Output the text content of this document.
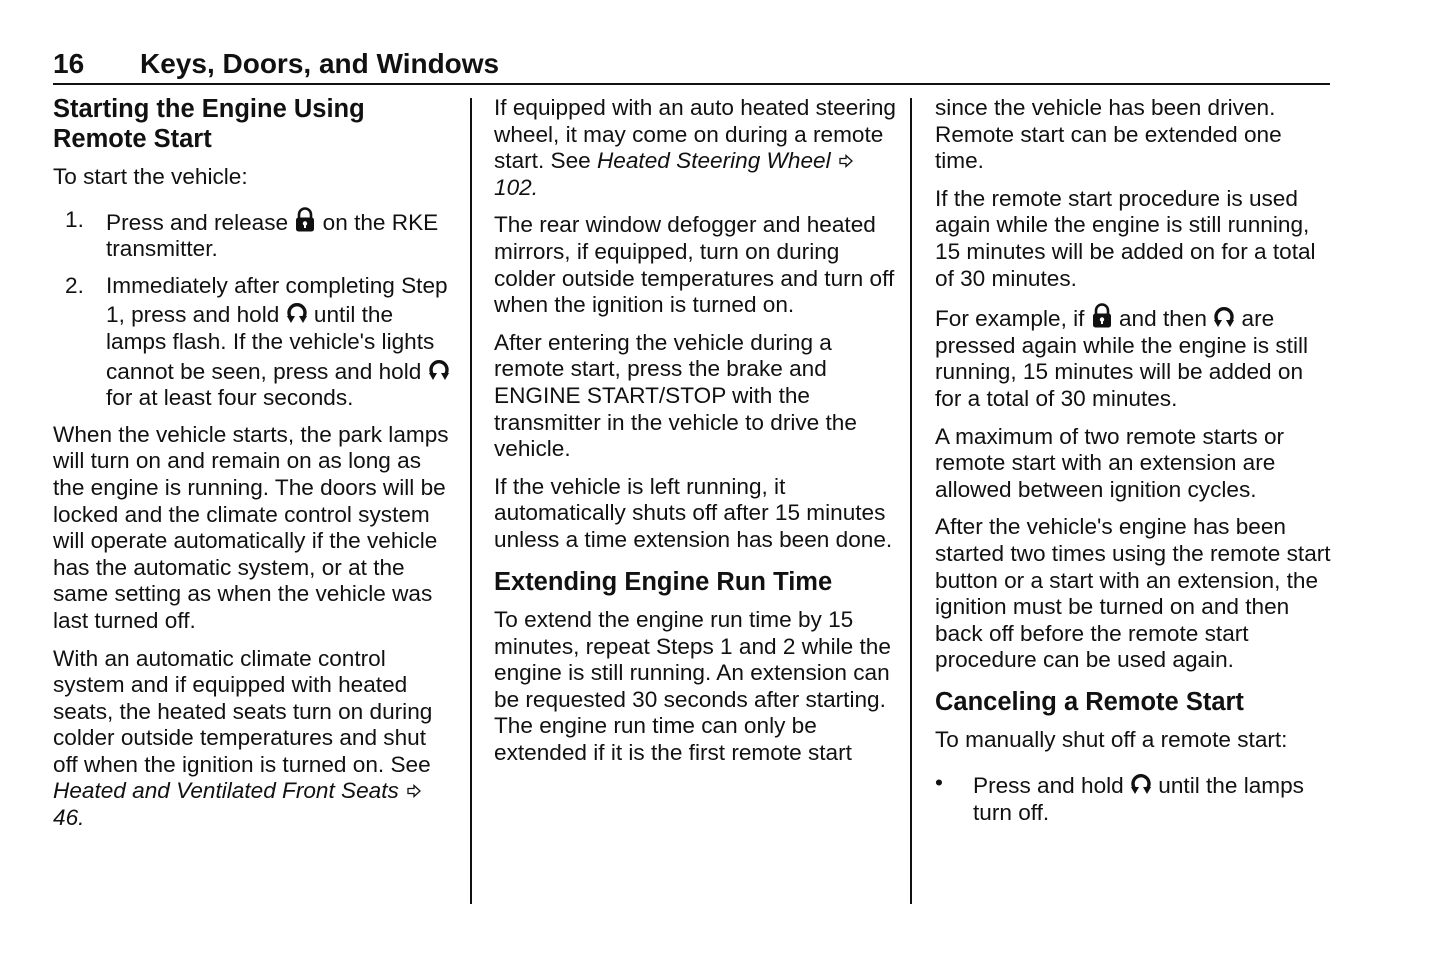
16 Keys, Doors, and Windows
Starting the Engine Using Remote Start

To start the vehicle:

1. Press and release on the RKE transmitter.
2. Immediately after completing Step 1, press and hold until the lamps flash. If the vehicle's lights cannot be seen, press and hold
for at least four seconds.

When the vehicle starts, the park lamps will turn on and remain on as long as the engine is running. The doors will be locked and the climate control system will operate automatically if the vehicle has the automatic system, or at the same setting as when the vehicle was last turned off.

With an automatic climate control system and if equipped with heated seats, the heated seats turn on during colder outside temperatures and shut off when the ignition is turned on. See Heated and Ventilated Front Seats
46.

If equipped with an auto heated steering wheel, it may come on during a remote start. See Heated Steering Wheel
102.

The rear window defogger and heated mirrors, if equipped, turn on during colder outside temperatures and turn off when the ignition is turned on.

After entering the vehicle during a remote start, press the brake and ENGINE START/STOP with the transmitter in the vehicle to drive the vehicle.

If the vehicle is left running, it automatically shuts off after 15 minutes unless a time extension has been done.

Extending Engine Run Time

To extend the engine run time by 15 minutes, repeat Steps 1 and 2 while the engine is still running. An extension can be requested 30 seconds after starting. The engine run time can only be extended if it is the first remote start

since the vehicle has been driven. Remote start can be extended one time.

If the remote start procedure is used again while the engine is still running, 15 minutes will be added on for a total of 30 minutes.

For example, if and then are pressed again while the engine is still running, 15 minutes will be added on for a total of 30 minutes.

A maximum of two remote starts or remote start with an extension are allowed between ignition cycles.

After the vehicle's engine has been started two times using the remote start button or a start with an extension, the ignition must be turned on and then back off before the remote start procedure can be used again.

Canceling a Remote Start

To manually shut off a remote start:

• Press and hold until the lamps turn off.
